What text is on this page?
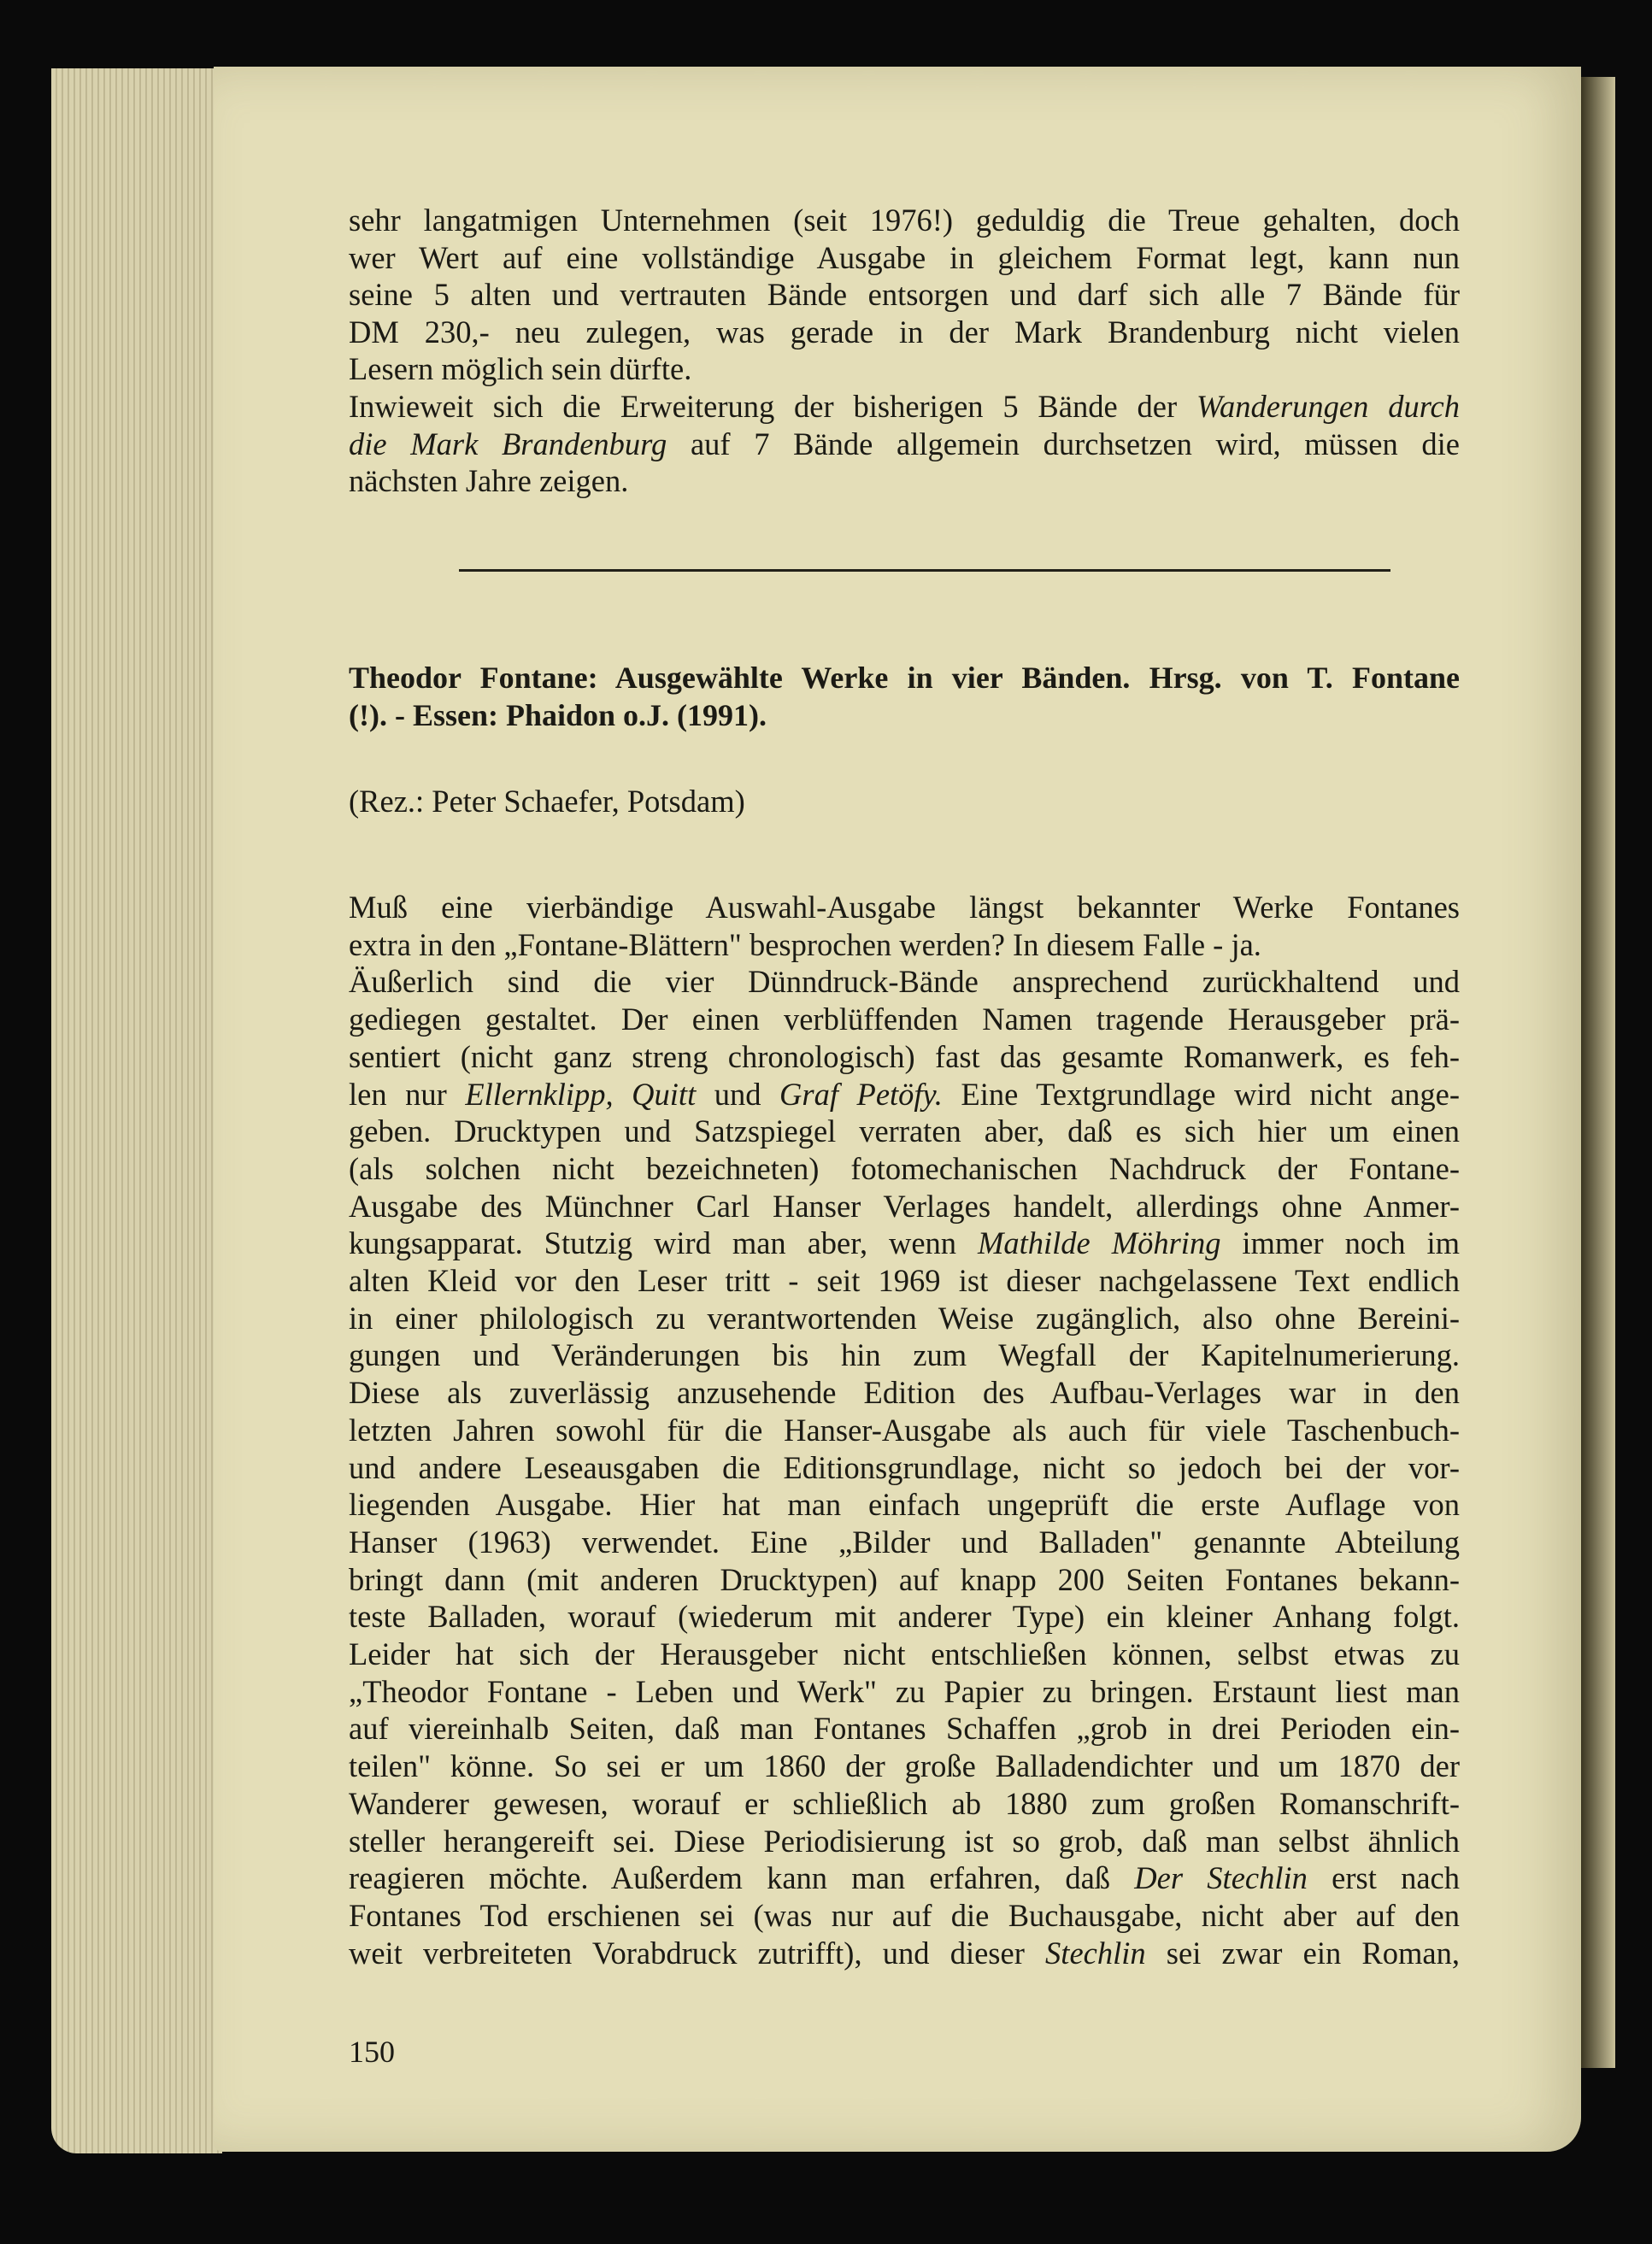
sehr langatmigen Unternehmen (seit 1976!) geduldig die Treue gehalten, doch
wer Wert auf eine vollständige Ausgabe in gleichem Format legt, kann nun
seine 5 alten und vertrauten Bände entsorgen und darf sich alle 7 Bände für
DM 230,- neu zulegen, was gerade in der Mark Brandenburg nicht vielen
Lesern möglich sein dürfte.
Inwieweit sich die Erweiterung der bisherigen 5 Bände der Wanderungen durch
die Mark Brandenburg auf 7 Bände allgemein durchsetzen wird, müssen die
nächsten Jahre zeigen.
Theodor Fontane: Ausgewählte Werke in vier Bänden. Hrsg. von T. Fontane
(!). - Essen: Phaidon o.J. (1991).
(Rez.: Peter Schaefer, Potsdam)
Muß eine vierbändige Auswahl-Ausgabe längst bekannter Werke Fontanes
extra in den „Fontane-Blättern" besprochen werden? In diesem Falle - ja.
Äußerlich sind die vier Dünndruck-Bände ansprechend zurückhaltend und
gediegen gestaltet. Der einen verblüffenden Namen tragende Herausgeber prä-
sentiert (nicht ganz streng chronologisch) fast das gesamte Romanwerk, es feh-
len nur Ellernklipp, Quitt und Graf Petöfy. Eine Textgrundlage wird nicht ange-
geben. Drucktypen und Satzspiegel verraten aber, daß es sich hier um einen
(als solchen nicht bezeichneten) fotomechanischen Nachdruck der Fontane-
Ausgabe des Münchner Carl Hanser Verlages handelt, allerdings ohne Anmer-
kungsapparat. Stutzig wird man aber, wenn Mathilde Möhring immer noch im
alten Kleid vor den Leser tritt - seit 1969 ist dieser nachgelassene Text endlich
in einer philologisch zu verantwortenden Weise zugänglich, also ohne Bereini-
gungen und Veränderungen bis hin zum Wegfall der Kapitelnumerierung.
Diese als zuverlässig anzusehende Edition des Aufbau-Verlages war in den
letzten Jahren sowohl für die Hanser-Ausgabe als auch für viele Taschenbuch-
und andere Leseausgaben die Editionsgrundlage, nicht so jedoch bei der vor-
liegenden Ausgabe. Hier hat man einfach ungeprüft die erste Auflage von
Hanser (1963) verwendet. Eine „Bilder und Balladen" genannte Abteilung
bringt dann (mit anderen Drucktypen) auf knapp 200 Seiten Fontanes bekann-
teste Balladen, worauf (wiederum mit anderer Type) ein kleiner Anhang folgt.
Leider hat sich der Herausgeber nicht entschließen können, selbst etwas zu
„Theodor Fontane - Leben und Werk" zu Papier zu bringen. Erstaunt liest man
auf viereinhalb Seiten, daß man Fontanes Schaffen „grob in drei Perioden ein-
teilen" könne. So sei er um 1860 der große Balladendichter und um 1870 der
Wanderer gewesen, worauf er schließlich ab 1880 zum großen Romanschrift-
steller herangereift sei. Diese Periodisierung ist so grob, daß man selbst ähnlich
reagieren möchte. Außerdem kann man erfahren, daß Der Stechlin erst nach
Fontanes Tod erschienen sei (was nur auf die Buchausgabe, nicht aber auf den
weit verbreiteten Vorabdruck zutrifft), und dieser Stechlin sei zwar ein Roman,
150
